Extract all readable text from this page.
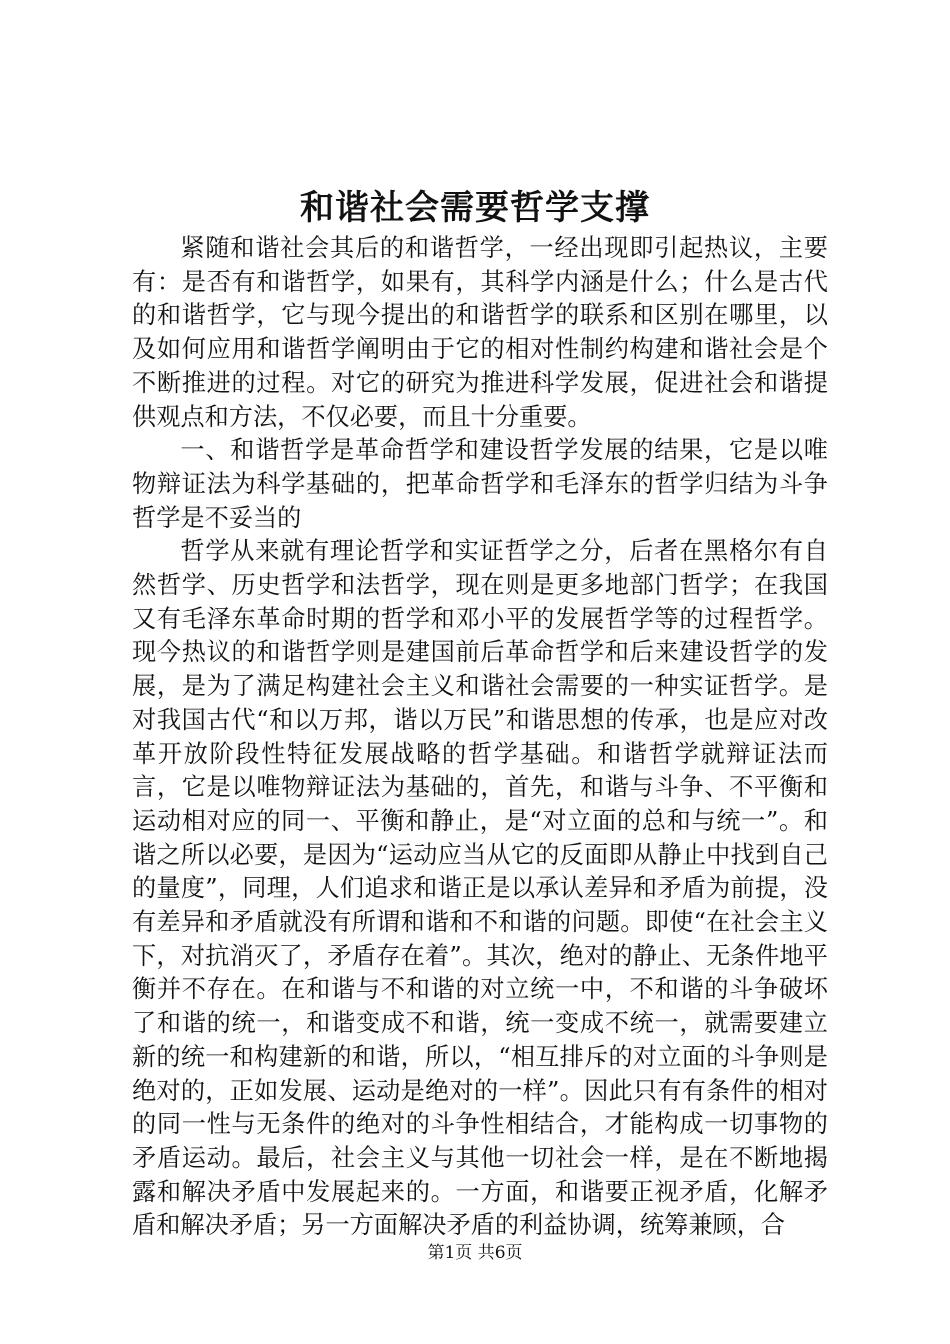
和谐社会需要哲学支撑

紧随和谐社会其后的和谐哲学，一经出现即引起热议，主要有：是否有和谐哲学，如果有，其科学内涵是什么；什么是古代的和谐哲学，它与现今提出的和谐哲学的联系和区别在哪里，以及如何应用和谐哲学阐明由于它的相对性制约构建和谐社会是个不断推进的过程。对它的研究为推进科学发展，促进社会和谐提供观点和方法，不仅必要，而且十分重要。

一、和谐哲学是革命哲学和建设哲学发展的结果，它是以唯物辩证法为科学基础的，把革命哲学和毛泽东的哲学归结为斗争哲学是不妥当的

哲学从来就有理论哲学和实证哲学之分，后者在黑格尔有自然哲学、历史哲学和法哲学，现在则是更多地部门哲学；在我国又有毛泽东革命时期的哲学和邓小平的发展哲学等的过程哲学。现今热议的和谐哲学则是建国前后革命哲学和后来建设哲学的发展，是为了满足构建社会主义和谐社会需要的一种实证哲学。是对我国古代“和以万邦，谐以万民”和谐思想的传承，也是应对改革开放阶段性特征发展战略的哲学基础。和谐哲学就辩证法而言，它是以唯物辩证法为基础的，首先，和谐与斗争、不平衡和运动相对应的同一、平衡和静止，是“对立面的总和与统一”。和谐之所以必要，是因为“运动应当从它的反面即从静止中找到自己的量度”，同理，人们追求和谐正是以承认差异和矛盾为前提，没有差异和矛盾就没有所谓和谐和不和谐的问题。即使“在社会主义下，对抗消灭了，矛盾存在着”。其次，绝对的静止、无条件地平衡并不存在。在和谐与不和谐的对立统一中，不和谐的斗争破坏了和谐的统一，和谐变成不和谐，统一变成不统一，就需要建立新的统一和构建新的和谐，所以，“相互排斥的对立面的斗争则是绝对的，正如发展、运动是绝对的一样”。因此只有有条件的相对的同一性与无条件的绝对的斗争性相结合，才能构成一切事物的矛盾运动。最后，社会主义与其他一切社会一样，是在不断地揭露和解决矛盾中发展起来的。一方面，和谐要正视矛盾，化解矛盾和解决矛盾；另一方面解决矛盾的利益协调，统筹兼顾，合

第1页 共6页
